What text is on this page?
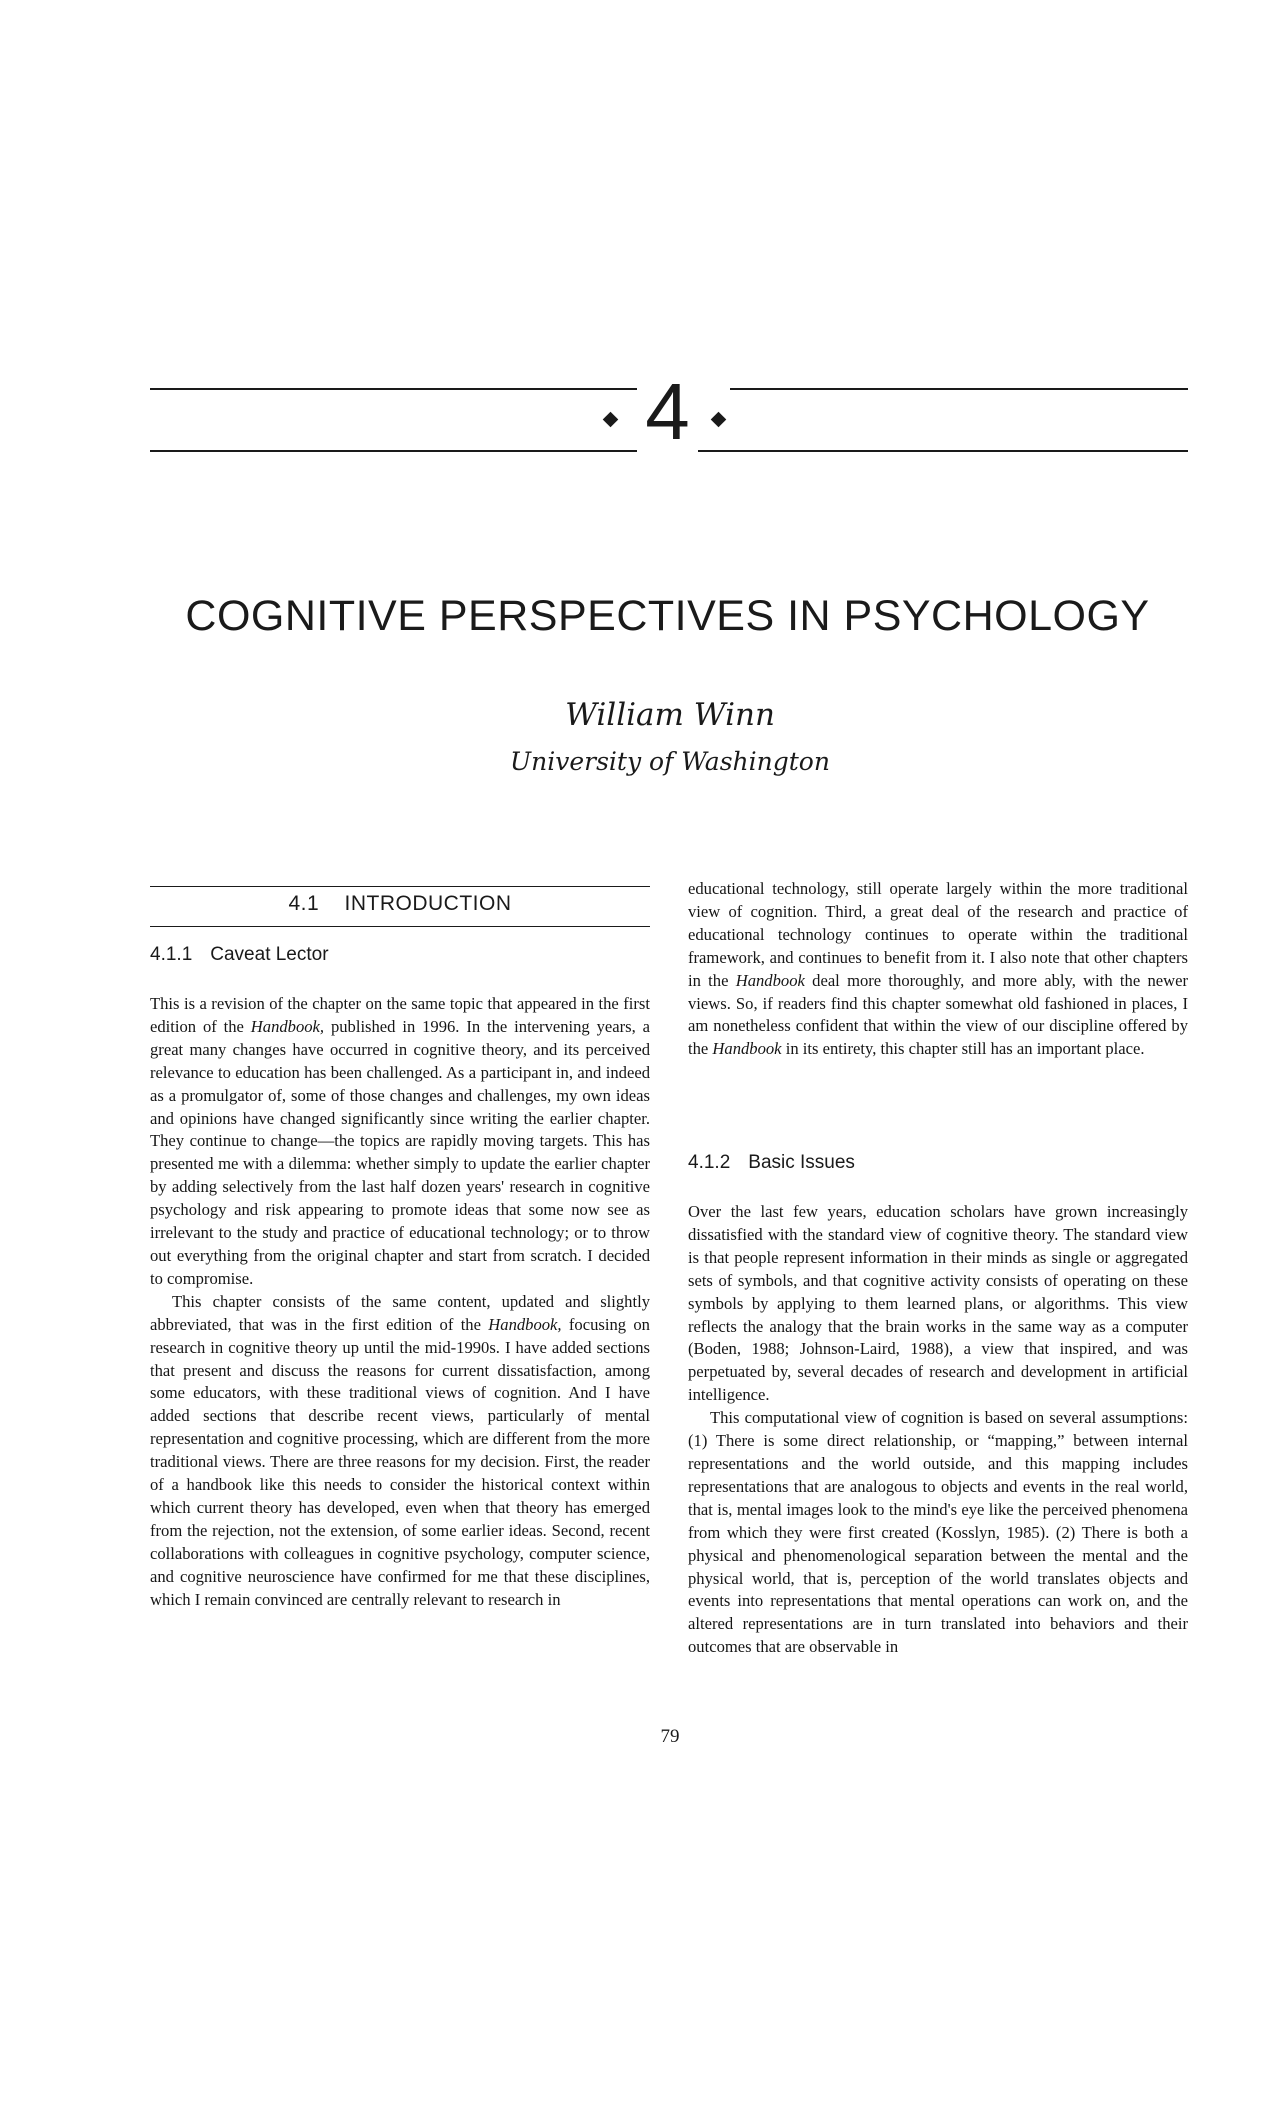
4
COGNITIVE PERSPECTIVES IN PSYCHOLOGY
William Winn
University of Washington
4.1 INTRODUCTION
4.1.1 Caveat Lector

This is a revision of the chapter on the same topic that appeared in the first edition of the Handbook, published in 1996. In the intervening years, a great many changes have occurred in cognitive theory, and its perceived relevance to education has been challenged. As a participant in, and indeed as a promulgator of, some of those changes and challenges, my own ideas and opinions have changed significantly since writing the earlier chapter. They continue to change—the topics are rapidly moving targets. This has presented me with a dilemma: whether simply to update the earlier chapter by adding selectively from the last half dozen years' research in cognitive psychology and risk appearing to promote ideas that some now see as irrelevant to the study and practice of educational technology; or to throw out everything from the original chapter and start from scratch. I decided to compromise.

This chapter consists of the same content, updated and slightly abbreviated, that was in the first edition of the Handbook, focusing on research in cognitive theory up until the mid-1990s. I have added sections that present and discuss the reasons for current dissatisfaction, among some educators, with these traditional views of cognition. And I have added sections that describe recent views, particularly of mental representation and cognitive processing, which are different from the more traditional views. There are three reasons for my decision. First, the reader of a handbook like this needs to consider the historical context within which current theory has developed, even when that theory has emerged from the rejection, not the extension, of some earlier ideas. Second, recent collaborations with colleagues in cognitive psychology, computer science, and cognitive neuroscience have confirmed for me that these disciplines, which I remain convinced are centrally relevant to research in

educational technology, still operate largely within the more traditional view of cognition. Third, a great deal of the research and practice of educational technology continues to operate within the traditional framework, and continues to benefit from it. I also note that other chapters in the Handbook deal more thoroughly, and more ably, with the newer views. So, if readers find this chapter somewhat old fashioned in places, I am nonetheless confident that within the view of our discipline offered by the Handbook in its entirety, this chapter still has an important place.

4.1.2 Basic Issues

Over the last few years, education scholars have grown increasingly dissatisfied with the standard view of cognitive theory. The standard view is that people represent information in their minds as single or aggregated sets of symbols, and that cognitive activity consists of operating on these symbols by applying to them learned plans, or algorithms. This view reflects the analogy that the brain works in the same way as a computer (Boden, 1988; Johnson-Laird, 1988), a view that inspired, and was perpetuated by, several decades of research and development in artificial intelligence.

This computational view of cognition is based on several assumptions: (1) There is some direct relationship, or “mapping,” between internal representations and the world outside, and this mapping includes representations that are analogous to objects and events in the real world, that is, mental images look to the mind's eye like the perceived phenomena from which they were first created (Kosslyn, 1985). (2) There is both a physical and phenomenological separation between the mental and the physical world, that is, perception of the world translates objects and events into representations that mental operations can work on, and the altered representations are in turn translated into behaviors and their outcomes that are observable in

79
